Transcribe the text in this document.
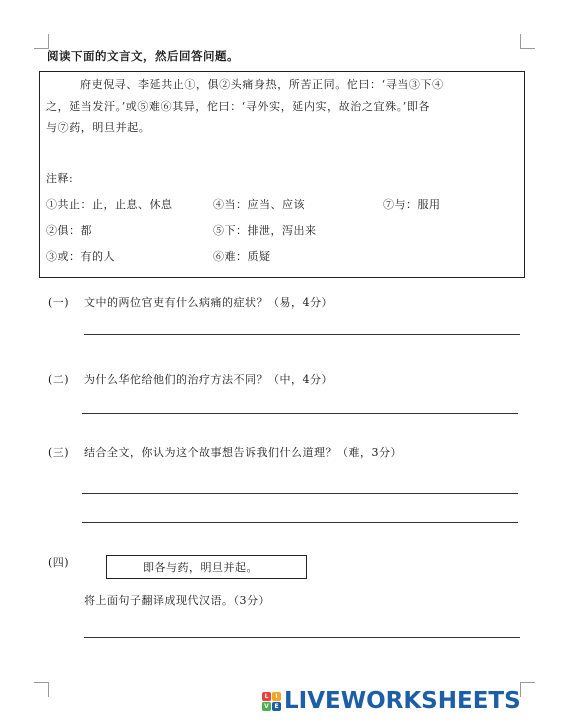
阅读下面的文言文，然后回答问题。
府吏倪寻、李延共止①，俱②头痛身热，所苦正同。佗曰：‘寻当③下④
之，延当发汗。’或⑤难⑥其异，佗曰：‘寻外实，延内实，故治之宜殊。’即各
与⑦药，明旦并起。
注释:
①共止：止，止息、休息	④当：应当、应该	⑦与：服用
②俱：都	⑤下：排泄，泻出来
③或：有的人	⑥难：质疑
(一) 文中的两位官吏有什么病痛的症状？（易，4分）
(二) 为什么华佗给他们的治疗方法不同？（中，4分）
(三) 结合全文，你认为这个故事想告诉我们什么道理？（难，3分）
(四)	即各与药，明旦并起。
将上面句子翻译成现代汉语。（3分）
L	I
V E LIVEWORKSHEETS
